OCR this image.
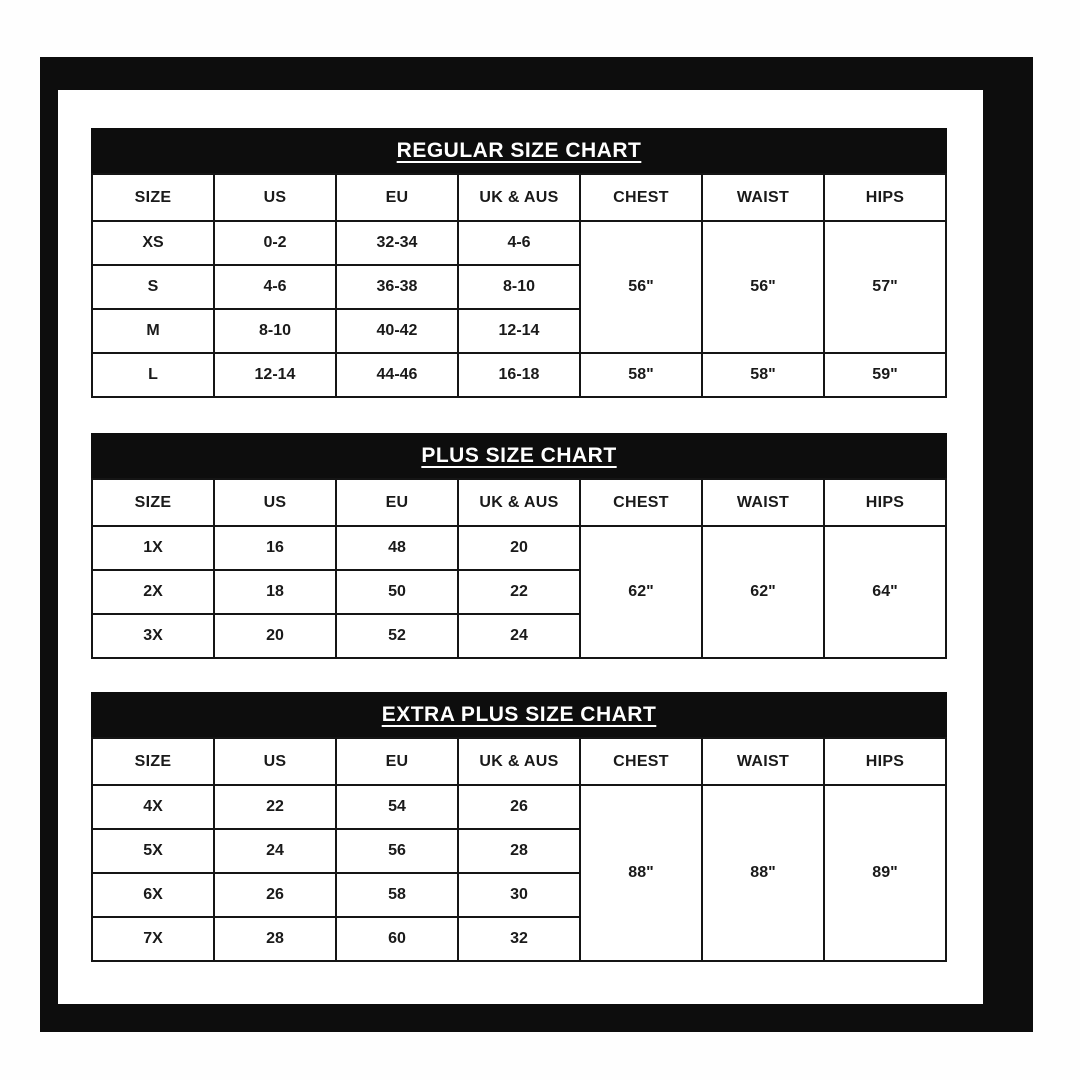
REGULAR SIZE CHART
SIZE	US	EU	UK & AUS	CHEST	WAIST	HIPS
XS	0-2	32-34	4-6	56"	56"	57"
S	4-6	36-38	8-10			
M	8-10	40-42	12-14			
L	12-14	44-46	16-18	58"	58"	59"
PLUS SIZE CHART
SIZE	US	EU	UK & AUS	CHEST	WAIST	HIPS
1X	16	48	20	62"	62"	64"
2X	18	50	22			
3X	20	52	24			
EXTRA PLUS SIZE CHART
SIZE	US	EU	UK & AUS	CHEST	WAIST	HIPS
4X	22	54	26	88"	88"	89"
5X	24	56	28			
6X	26	58	30			
7X	28	60	32			
